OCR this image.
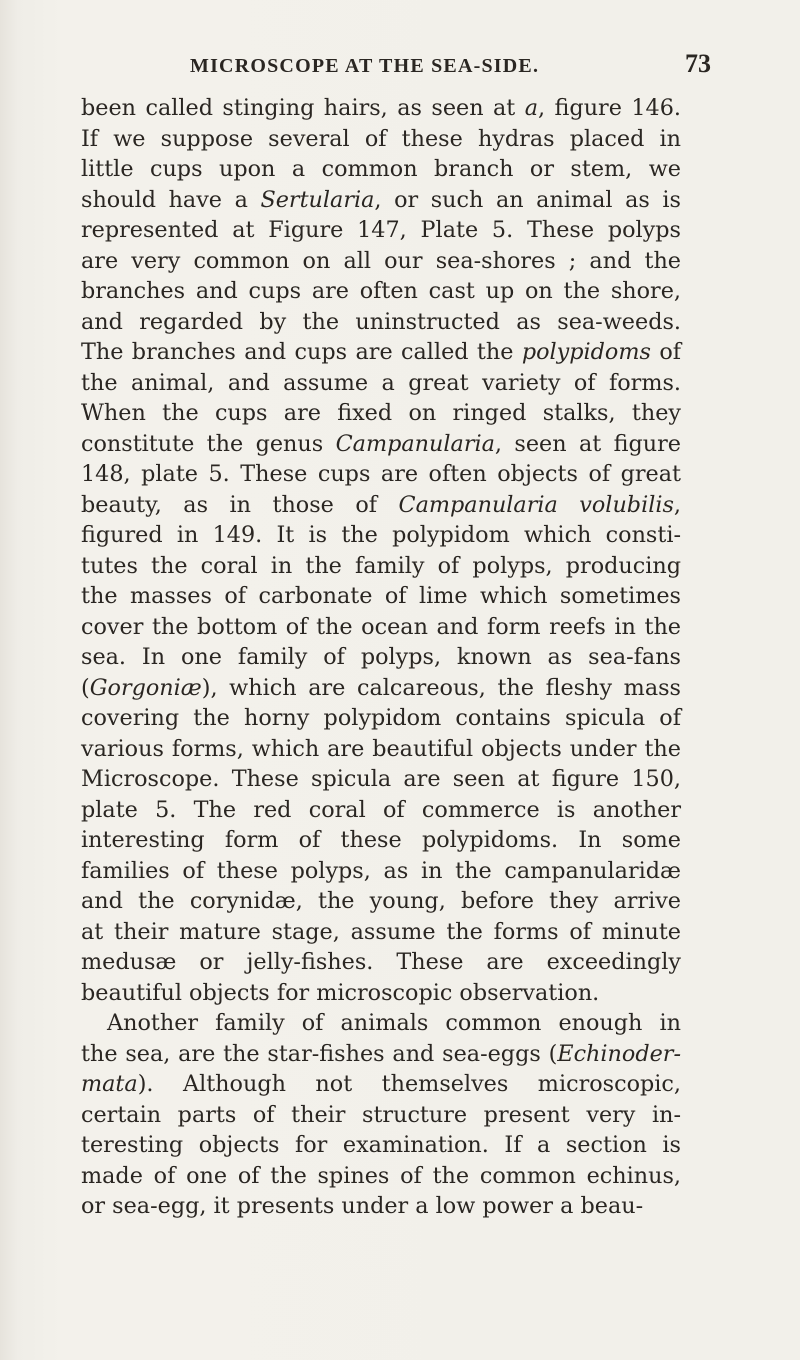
MICROSCOPE AT THE SEA-SIDE.	73
been called stinging hairs, as seen at a, figure 146.
If we suppose several of these hydras placed in
little cups upon a common branch or stem, we
should have a Sertularia, or such an animal as is
represented at Figure 147, Plate 5. These polyps
are very common on all our sea-shores ; and the
branches and cups are often cast up on the shore,
and regarded by the uninstructed as sea-weeds.
The branches and cups are called the polypidoms of
the animal, and assume a great variety of forms.
When the cups are fixed on ringed stalks, they
constitute the genus Campanularia, seen at figure
148, plate 5. These cups are often objects of great
beauty, as in those of Campanularia volubilis,
figured in 149. It is the polypidom which consti-
tutes the coral in the family of polyps, producing
the masses of carbonate of lime which sometimes
cover the bottom of the ocean and form reefs in the
sea. In one family of polyps, known as sea-fans
(Gorgoniæ), which are calcareous, the fleshy mass
covering the horny polypidom contains spicula of
various forms, which are beautiful objects under the
Microscope. These spicula are seen at figure 150,
plate 5. The red coral of commerce is another
interesting form of these polypidoms. In some
families of these polyps, as in the campanularidæ
and the corynidæ, the young, before they arrive
at their mature stage, assume the forms of minute
medusæ or jelly-fishes. These are exceedingly
beautiful objects for microscopic observation.
Another family of animals common enough in
the sea, are the star-fishes and sea-eggs (Echinoder-
mata). Although not themselves microscopic,
certain parts of their structure present very in-
teresting objects for examination. If a section is
made of one of the spines of the common echinus,
or sea-egg, it presents under a low power a beau-
